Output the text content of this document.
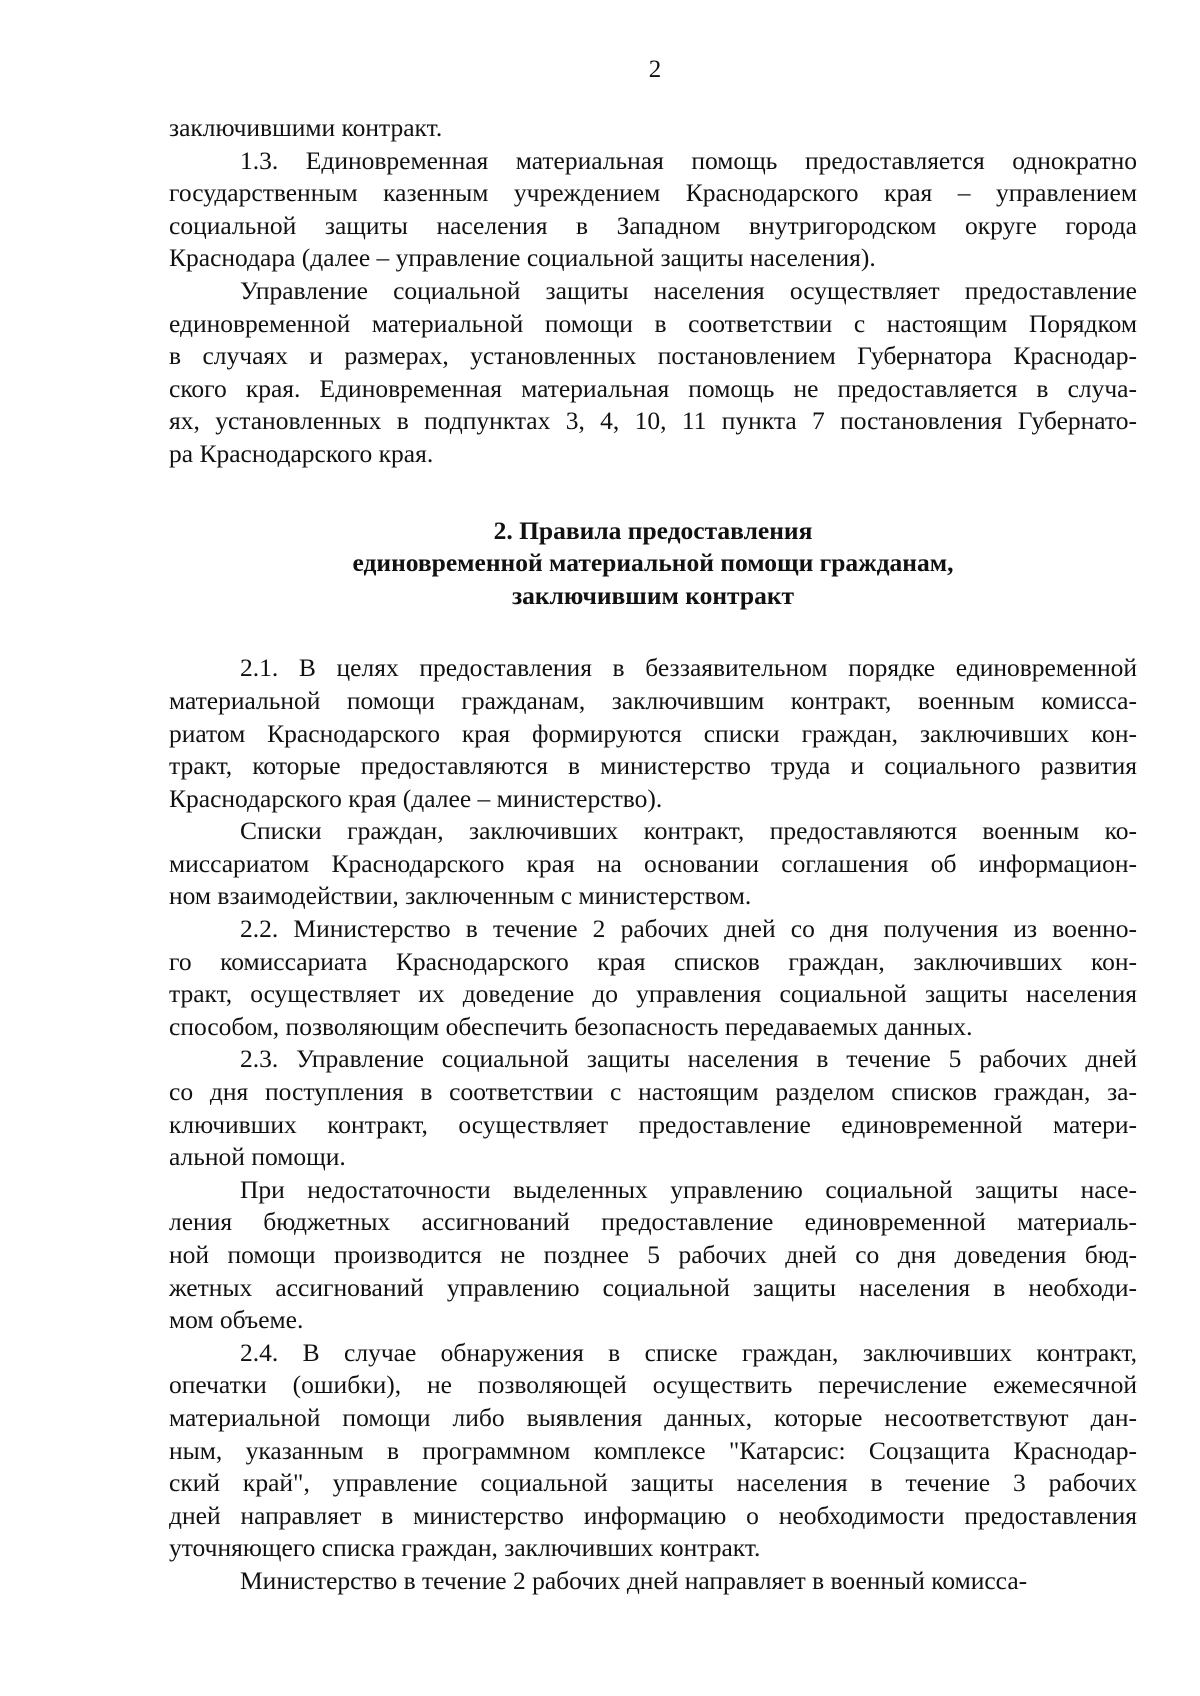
2
заключившими контракт.
1.3. Единовременная материальная помощь предоставляется однократно
государственным казенным учреждением Краснодарского края – управлением
социальной защиты населения в Западном внутригородском округе города
Краснодара (далее – управление социальной защиты населения).
Управление социальной защиты населения осуществляет предоставление
единовременной материальной помощи в соответствии с настоящим Порядком
в случаях и размерах, установленных постановлением Губернатора Краснодар-
ского края. Единовременная материальная помощь не предоставляется в случа-
ях, установленных в подпунктах 3, 4, 10, 11 пункта 7 постановления Губернато-
ра Краснодарского края.
2. Правила предоставления
единовременной материальной помощи гражданам,
заключившим контракт
2.1. В целях предоставления в беззаявительном порядке единовременной
материальной помощи гражданам, заключившим контракт, военным комисса-
риатом Краснодарского края формируются списки граждан, заключивших кон-
тракт, которые предоставляются в министерство труда и социального развития
Краснодарского края (далее – министерство).
Списки граждан, заключивших контракт, предоставляются военным ко-
миссариатом Краснодарского края на основании соглашения об информацион-
ном взаимодействии, заключенным с министерством.
2.2. Министерство в течение 2 рабочих дней со дня получения из военно-
го комиссариата Краснодарского края списков граждан, заключивших кон-
тракт, осуществляет их доведение до управления социальной защиты населения
способом, позволяющим обеспечить безопасность передаваемых данных.
2.3. Управление социальной защиты населения в течение 5 рабочих дней
со дня поступления в соответствии с настоящим разделом списков граждан, за-
ключивших контракт, осуществляет предоставление единовременной матери-
альной помощи.
При недостаточности выделенных управлению социальной защиты насе-
ления бюджетных ассигнований предоставление единовременной материаль-
ной помощи производится не позднее 5 рабочих дней со дня доведения бюд-
жетных ассигнований управлению социальной защиты населения в необходи-
мом объеме.
2.4. В случае обнаружения в списке граждан, заключивших контракт,
опечатки (ошибки), не позволяющей осуществить перечисление ежемесячной
материальной помощи либо выявления данных, которые несоответствуют дан-
ным, указанным в программном комплексе "Катарсис: Соцзащита Краснодар-
ский край", управление социальной защиты населения в течение 3 рабочих
дней направляет в министерство информацию о необходимости предоставления
уточняющего списка граждан, заключивших контракт.
Министерство в течение 2 рабочих дней направляет в военный комисса-
